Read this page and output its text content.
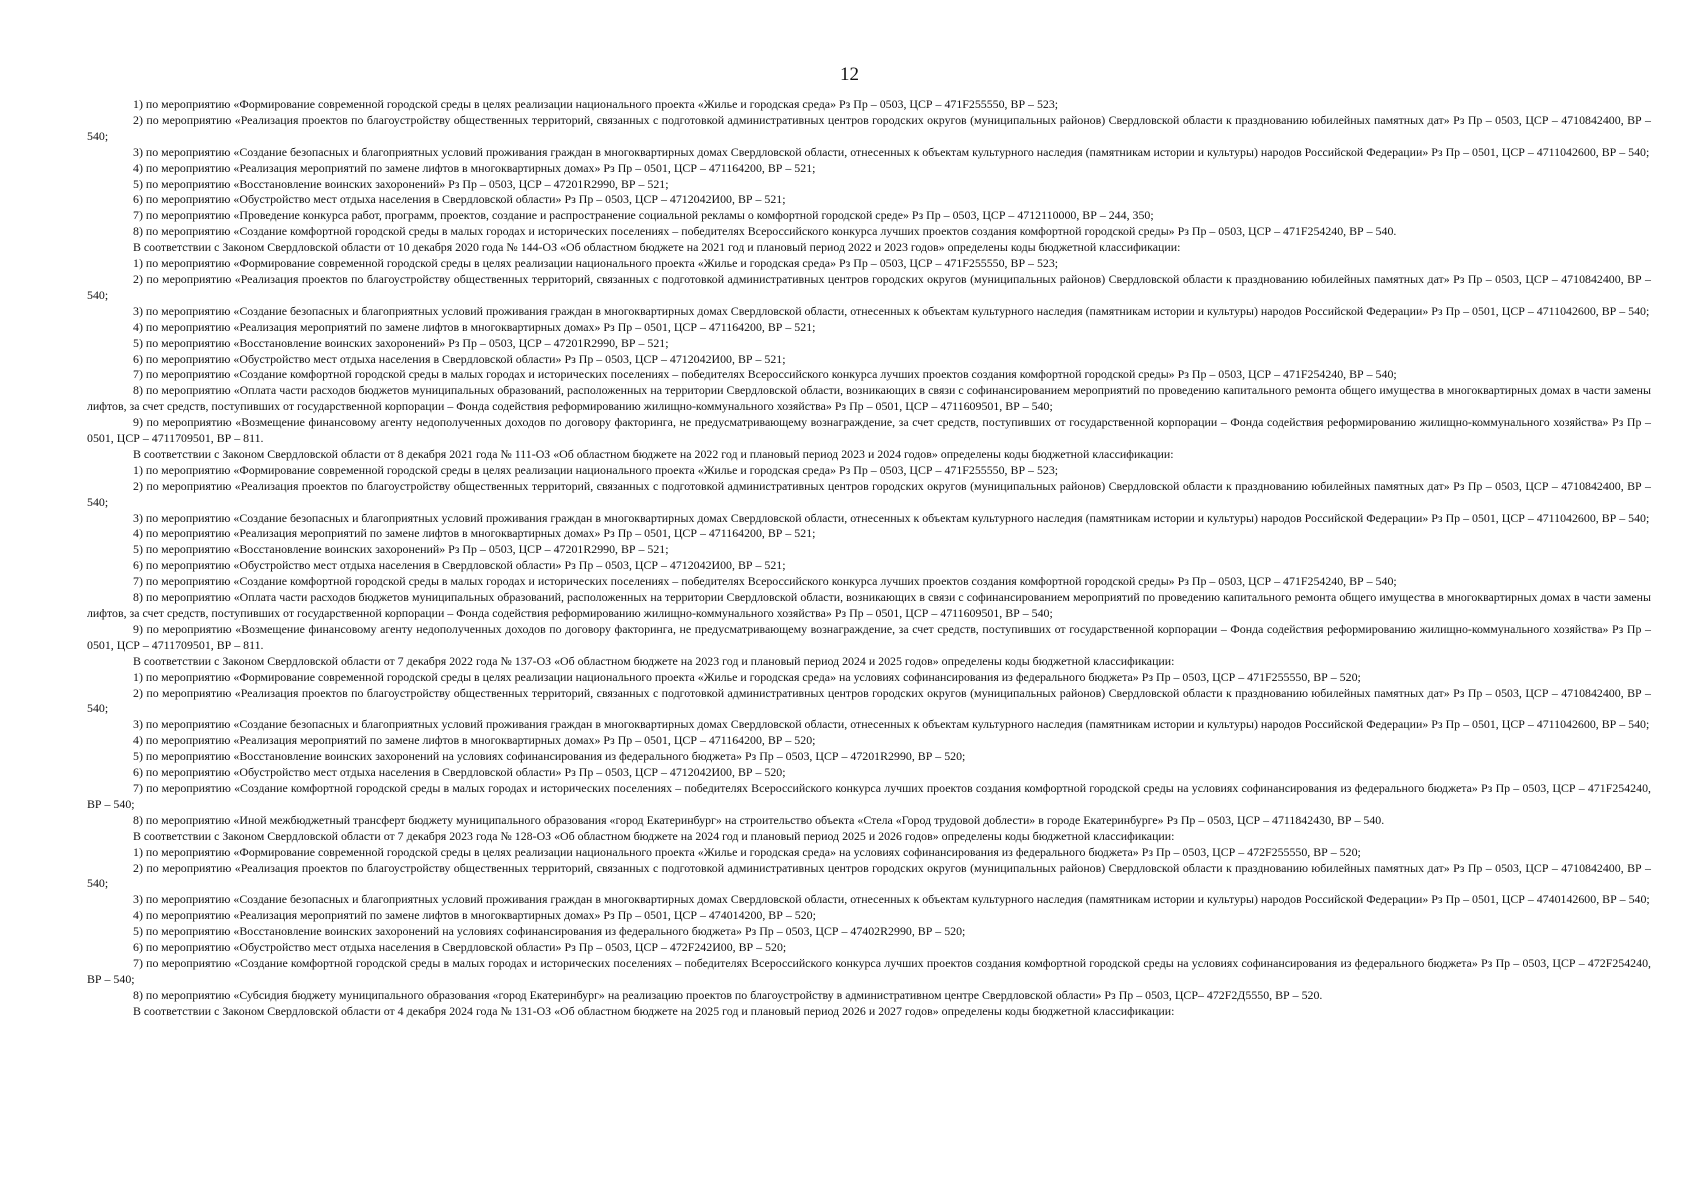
12

1) по мероприятию «Формирование современной городской среды в целях реализации национального проекта «Жилье и городская среда» Рз Пр – 0503, ЦСР – 471F255550, ВР – 523;

2) по мероприятию «Реализация проектов по благоустройству общественных территорий, связанных с подготовкой административных центров городских округов (муниципальных районов) Свердловской области к празднованию юбилейных памятных дат» Рз Пр – 0503, ЦСР – 4710842400, ВР – 540;

3) по мероприятию «Создание безопасных и благоприятных условий проживания граждан в многоквартирных домах Свердловской области, отнесенных к объектам культурного наследия (памятникам истории и культуры) народов Российской Федерации» Рз Пр – 0501, ЦСР – 4711042600, ВР – 540;

4) по мероприятию «Реализация мероприятий по замене лифтов в многоквартирных домах» Рз Пр – 0501, ЦСР – 471164200, ВР – 521;

5) по мероприятию «Восстановление воинских захоронений» Рз Пр – 0503, ЦСР – 47201R2990, ВР – 521;

6) по мероприятию «Обустройство мест отдыха населения в Свердловской области» Рз Пр – 0503, ЦСР – 4712042И00, ВР – 521;

7) по мероприятию «Проведение конкурса работ, программ, проектов, создание и распространение социальной рекламы о комфортной городской среде» Рз Пр – 0503, ЦСР – 4712110000, ВР – 244, 350;

8) по мероприятию «Создание комфортной городской среды в малых городах и исторических поселениях – победителях Всероссийского конкурса лучших проектов создания комфортной городской среды» Рз Пр – 0503, ЦСР – 471F254240, ВР – 540.

В соответствии с Законом Свердловской области от 10 декабря 2020 года № 144-ОЗ «Об областном бюджете на 2021 год и плановый период 2022 и 2023 годов» определены коды бюджетной классификации:

1) по мероприятию «Формирование современной городской среды в целях реализации национального проекта «Жилье и городская среда» Рз Пр – 0503, ЦСР – 471F255550, ВР – 523;

2) по мероприятию «Реализация проектов по благоустройству общественных территорий, связанных с подготовкой административных центров городских округов (муниципальных районов) Свердловской области к празднованию юбилейных памятных дат» Рз Пр – 0503, ЦСР – 4710842400, ВР – 540;

3) по мероприятию «Создание безопасных и благоприятных условий проживания граждан в многоквартирных домах Свердловской области, отнесенных к объектам культурного наследия (памятникам истории и культуры) народов Российской Федерации» Рз Пр – 0501, ЦСР – 4711042600, ВР – 540;

4) по мероприятию «Реализация мероприятий по замене лифтов в многоквартирных домах» Рз Пр – 0501, ЦСР – 471164200, ВР – 521;

5) по мероприятию «Восстановление воинских захоронений» Рз Пр – 0503, ЦСР – 47201R2990, ВР – 521;

6) по мероприятию «Обустройство мест отдыха населения в Свердловской области» Рз Пр – 0503, ЦСР – 4712042И00, ВР – 521;

7) по мероприятию «Создание комфортной городской среды в малых городах и исторических поселениях – победителях Всероссийского конкурса лучших проектов создания комфортной городской среды» Рз Пр – 0503, ЦСР – 471F254240, ВР – 540;

8) по мероприятию «Оплата части расходов бюджетов муниципальных образований, расположенных на территории Свердловской области, возникающих в связи с софинансированием мероприятий по проведению капитального ремонта общего имущества в многоквартирных домах в части замены лифтов, за счет средств, поступивших от государственной корпорации – Фонда содействия реформированию жилищно-коммунального хозяйства» Рз Пр – 0501, ЦСР – 4711609501, ВР – 540;

9) по мероприятию «Возмещение финансовому агенту недополученных доходов по договору факторинга, не предусматривающему вознаграждение, за счет средств, поступивших от государственной корпорации – Фонда содействия реформированию жилищно-коммунального хозяйства» Рз Пр – 0501, ЦСР – 4711709501, ВР – 811.

В соответствии с Законом Свердловской области от 8 декабря 2021 года № 111-ОЗ «Об областном бюджете на 2022 год и плановый период 2023 и 2024 годов» определены коды бюджетной классификации:

1) по мероприятию «Формирование современной городской среды в целях реализации национального проекта «Жилье и городская среда» Рз Пр – 0503, ЦСР – 471F255550, ВР – 523;

2) по мероприятию «Реализация проектов по благоустройству общественных территорий, связанных с подготовкой административных центров городских округов (муниципальных районов) Свердловской области к празднованию юбилейных памятных дат» Рз Пр – 0503, ЦСР – 4710842400, ВР – 540;

3) по мероприятию «Создание безопасных и благоприятных условий проживания граждан в многоквартирных домах Свердловской области, отнесенных к объектам культурного наследия (памятникам истории и культуры) народов Российской Федерации» Рз Пр – 0501, ЦСР – 4711042600, ВР – 540;

4) по мероприятию «Реализация мероприятий по замене лифтов в многоквартирных домах» Рз Пр – 0501, ЦСР – 471164200, ВР – 521;

5) по мероприятию «Восстановление воинских захоронений» Рз Пр – 0503, ЦСР – 47201R2990, ВР – 521;

6) по мероприятию «Обустройство мест отдыха населения в Свердловской области» Рз Пр – 0503, ЦСР – 4712042И00, ВР – 521;

7) по мероприятию «Создание комфортной городской среды в малых городах и исторических поселениях – победителях Всероссийского конкурса лучших проектов создания комфортной городской среды» Рз Пр – 0503, ЦСР – 471F254240, ВР – 540;

8) по мероприятию «Оплата части расходов бюджетов муниципальных образований, расположенных на территории Свердловской области, возникающих в связи с софинансированием мероприятий по проведению капитального ремонта общего имущества в многоквартирных домах в части замены лифтов, за счет средств, поступивших от государственной корпорации – Фонда содействия реформированию жилищно-коммунального хозяйства» Рз Пр – 0501, ЦСР – 4711609501, ВР – 540;

9) по мероприятию «Возмещение финансовому агенту недополученных доходов по договору факторинга, не предусматривающему вознаграждение, за счет средств, поступивших от государственной корпорации – Фонда содействия реформированию жилищно-коммунального хозяйства» Рз Пр – 0501, ЦСР – 4711709501, ВР – 811.

В соответствии с Законом Свердловской области от 7 декабря 2022 года № 137-ОЗ «Об областном бюджете на 2023 год и плановый период 2024 и 2025 годов» определены коды бюджетной классификации:

1) по мероприятию «Формирование современной городской среды в целях реализации национального проекта «Жилье и городская среда» на условиях софинансирования из федерального бюджета» Рз Пр – 0503, ЦСР – 471F255550, ВР – 520;

2) по мероприятию «Реализация проектов по благоустройству общественных территорий, связанных с подготовкой административных центров городских округов (муниципальных районов) Свердловской области к празднованию юбилейных памятных дат» Рз Пр – 0503, ЦСР – 4710842400, ВР – 540;

3) по мероприятию «Создание безопасных и благоприятных условий проживания граждан в многоквартирных домах Свердловской области, отнесенных к объектам культурного наследия (памятникам истории и культуры) народов Российской Федерации» Рз Пр – 0501, ЦСР – 4711042600, ВР – 540;

4) по мероприятию «Реализация мероприятий по замене лифтов в многоквартирных домах» Рз Пр – 0501, ЦСР – 471164200, ВР – 520;

5) по мероприятию «Восстановление воинских захоронений на условиях софинансирования из федерального бюджета» Рз Пр – 0503, ЦСР – 47201R2990, ВР – 520;

6) по мероприятию «Обустройство мест отдыха населения в Свердловской области» Рз Пр – 0503, ЦСР – 4712042И00, ВР – 520;

7) по мероприятию «Создание комфортной городской среды в малых городах и исторических поселениях – победителях Всероссийского конкурса лучших проектов создания комфортной городской среды на условиях софинансирования из федерального бюджета» Рз Пр – 0503, ЦСР – 471F254240, ВР – 540;

8) по мероприятию «Иной межбюджетный трансферт бюджету муниципального образования «город Екатеринбург» на строительство объекта «Стела «Город трудовой доблести» в городе Екатеринбурге» Рз Пр – 0503, ЦСР – 4711842430, ВР – 540.

В соответствии с Законом Свердловской области от 7 декабря 2023 года № 128-ОЗ «Об областном бюджете на 2024 год и плановый период 2025 и 2026 годов» определены коды бюджетной классификации:

1) по мероприятию «Формирование современной городской среды в целях реализации национального проекта «Жилье и городская среда» на условиях софинансирования из федерального бюджета» Рз Пр – 0503, ЦСР – 472F255550, ВР – 520;

2) по мероприятию «Реализация проектов по благоустройству общественных территорий, связанных с подготовкой административных центров городских округов (муниципальных районов) Свердловской области к празднованию юбилейных памятных дат» Рз Пр – 0503, ЦСР – 4710842400, ВР – 540;

3) по мероприятию «Создание безопасных и благоприятных условий проживания граждан в многоквартирных домах Свердловской области, отнесенных к объектам культурного наследия (памятникам истории и культуры) народов Российской Федерации» Рз Пр – 0501, ЦСР – 4740142600, ВР – 540;

4) по мероприятию «Реализация мероприятий по замене лифтов в многоквартирных домах» Рз Пр – 0501, ЦСР – 474014200, ВР – 520;

5) по мероприятию «Восстановление воинских захоронений на условиях софинансирования из федерального бюджета» Рз Пр – 0503, ЦСР – 47402R2990, ВР – 520;

6) по мероприятию «Обустройство мест отдыха населения в Свердловской области» Рз Пр – 0503, ЦСР – 472F242И00, ВР – 520;

7) по мероприятию «Создание комфортной городской среды в малых городах и исторических поселениях – победителях Всероссийского конкурса лучших проектов создания комфортной городской среды на условиях софинансирования из федерального бюджета» Рз Пр – 0503, ЦСР – 472F254240, ВР – 540;

8) по мероприятию «Субсидия бюджету муниципального образования «город Екатеринбург» на реализацию проектов по благоустройству в административном центре Свердловской области» Рз Пр – 0503, ЦСР– 472F2Д5550, ВР – 520.

В соответствии с Законом Свердловской области от 4 декабря 2024 года № 131-ОЗ «Об областном бюджете на 2025 год и плановый период 2026 и 2027 годов» определены коды бюджетной классификации:
